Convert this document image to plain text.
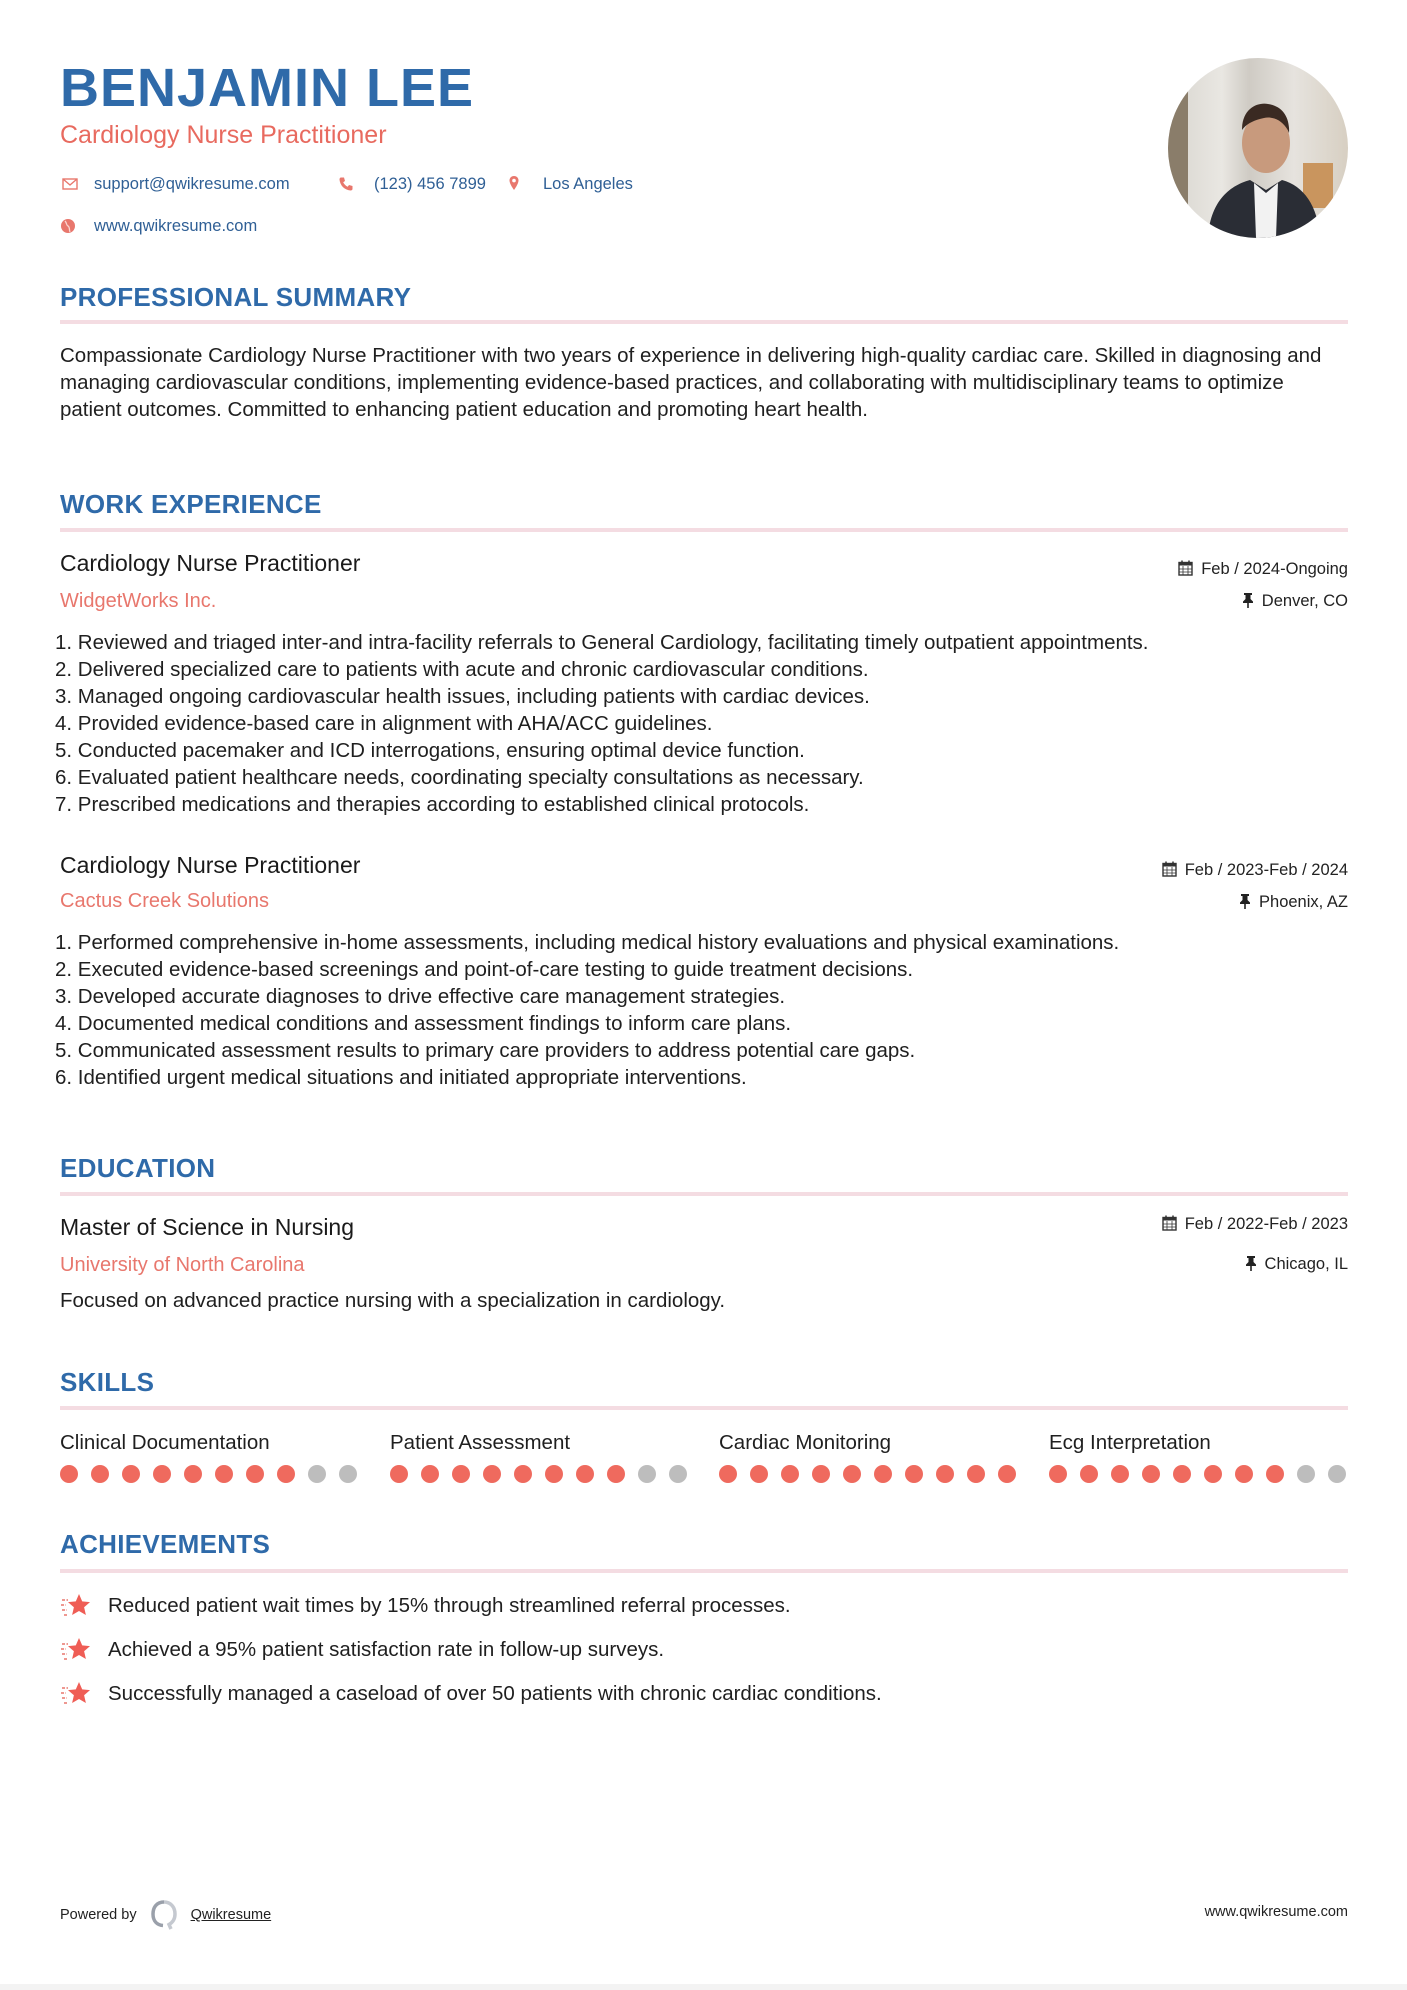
BENJAMIN LEE
Cardiology Nurse Practitioner
support@qwikresume.com	(123) 456 7899	Los Angeles
www.qwikresume.com
PROFESSIONAL SUMMARY

Compassionate Cardiology Nurse Practitioner with two years of experience in delivering high-quality cardiac care. Skilled in diagnosing and managing cardiovascular conditions, implementing evidence-based practices, and collaborating with multidisciplinary teams to optimize patient outcomes. Committed to enhancing patient education and promoting heart health.

WORK EXPERIENCE
Cardiology Nurse Practitioner
WidgetWorks Inc.
Feb / 2024-Ongoing
Denver, CO
1. Reviewed and triaged inter-and intra-facility referrals to General Cardiology, facilitating timely outpatient appointments.
2. Delivered specialized care to patients with acute and chronic cardiovascular conditions.
3. Managed ongoing cardiovascular health issues, including patients with cardiac devices.
4. Provided evidence-based care in alignment with AHA/ACC guidelines.
5. Conducted pacemaker and ICD interrogations, ensuring optimal device function.
6. Evaluated patient healthcare needs, coordinating specialty consultations as necessary.
7. Prescribed medications and therapies according to established clinical protocols.
Cardiology Nurse Practitioner
Cactus Creek Solutions
Feb / 2023-Feb / 2024
Phoenix, AZ
1. Performed comprehensive in-home assessments, including medical history evaluations and physical examinations.
2. Executed evidence-based screenings and point-of-care testing to guide treatment decisions.
3. Developed accurate diagnoses to drive effective care management strategies.
4. Documented medical conditions and assessment findings to inform care plans.
5. Communicated assessment results to primary care providers to address potential care gaps.
6. Identified urgent medical situations and initiated appropriate interventions.
EDUCATION
Master of Science in Nursing
University of North Carolina
Feb / 2022-Feb / 2023
Chicago, IL

Focused on advanced practice nursing with a specialization in cardiology.

SKILLS
Clinical Documentation	Patient Assessment	Cardiac Monitoring	Ecg Interpretation
ACHIEVEMENTS
Reduced patient wait times by 15% through streamlined referral processes.
Achieved a 95% patient satisfaction rate in follow-up surveys.
Successfully managed a caseload of over 50 patients with chronic cardiac conditions.
Powered by	Qwikresume	www.qwikresume.com
